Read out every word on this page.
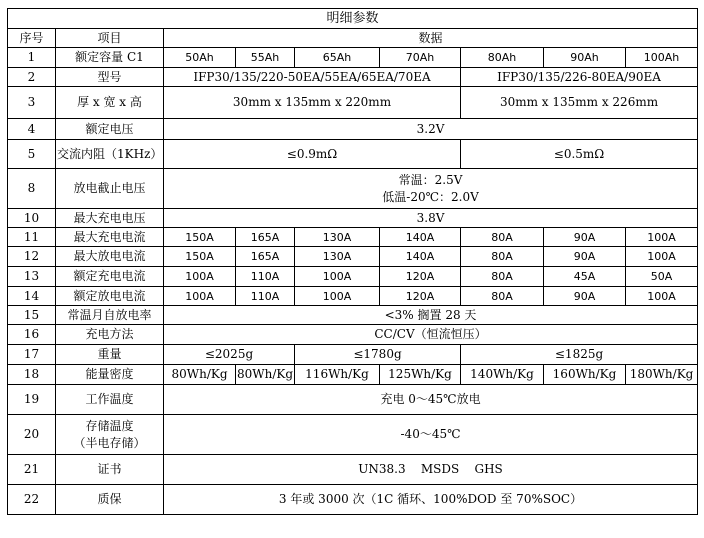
明细参数								
序号	项目	数据						
1	额定容量 C1	50Ah	55Ah	65Ah	70Ah	80Ah	90Ah	100Ah
2	型号	IFP30/135/220-50EA/55EA/65EA/70EA				IFP30/135/226-80EA/90EA		
3	厚 x 宽 x 高	30mm x 135mm x 220mm				30mm x 135mm x 226mm		
4	额定电压	3.2V						
5	交流内阻（1KHz）	≤0.9mΩ				≤0.5mΩ		
8	放电截止电压	常温：2.5V
低温-20℃：2.0V						

10	最大充电电压	3.8V						
11	最大充电电流	150A	165A	130A	140A	80A	90A	100A
12	最大放电电流	150A	165A	130A	140A	80A	90A	100A
13	额定充电电流	100A	110A	100A	120A	80A	45A	50A
14	额定放电电流	100A	110A	100A	120A	80A	90A	100A
15	常温月自放电率	<3% 搁置 28 天						
16	充电方法	CC/CV（恒流恒压）						
17	重量	≤2025g		≤1780g		≤1825g		
18	能量密度	80Wh/Kg	80Wh/Kg	116Wh/Kg	125Wh/Kg	140Wh/Kg	160Wh/Kg	180Wh/Kg
19	工作温度	充电 0～45℃放电						
20	存储温度
（半电存储）	-40～45℃						
21	证书	UN38.3    MSDS    GHS						
22	质保	3 年或 3000 次（1C 循环、100%DOD 至 70%SOC）						
